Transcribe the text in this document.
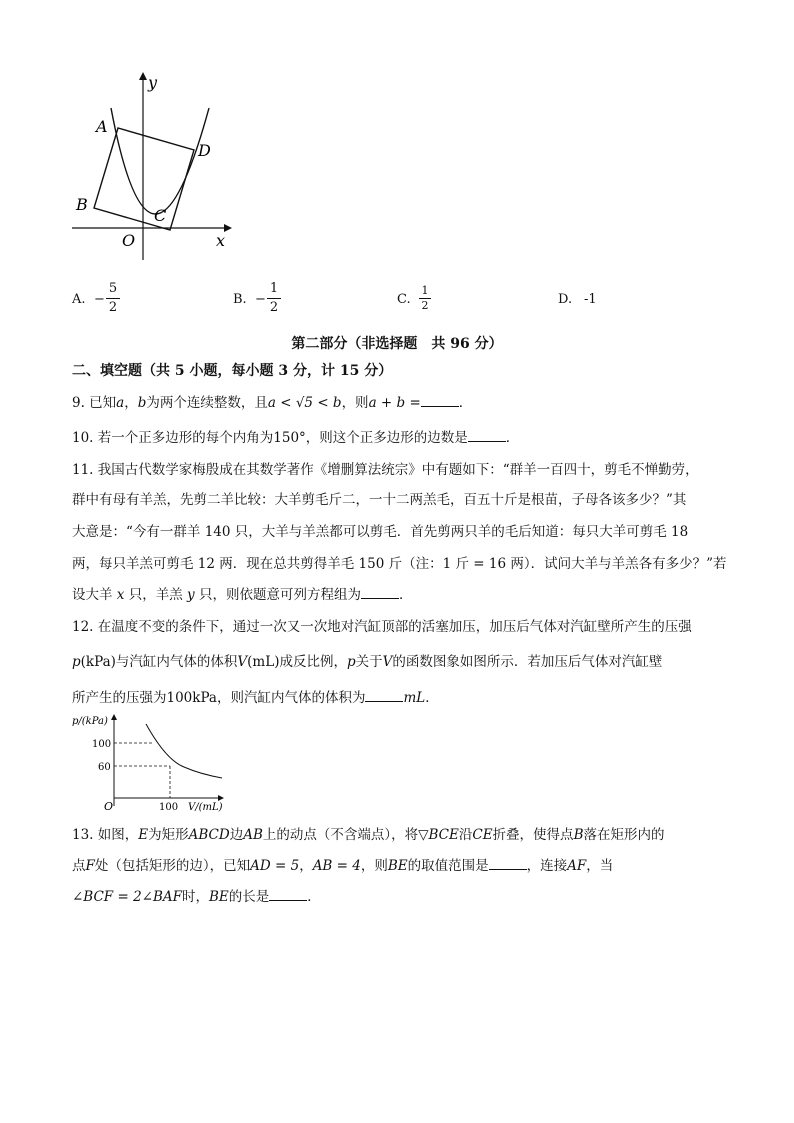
y
x
A
B
C
D
O
A. −
5
2
B. −
1
2
C.
1
2	D. -1
第二部分（非选择题　共 96 分）
二、填空题（共 5 小题，每小题 3 分，计 15 分）
9. 已知a，b为两个连续整数，且a < √5 < b，则a + b =	．
10. 若一个正多边形的每个内角为150°，则这个正多边形的边数是	．
11. 我国古代数学家梅殷成在其数学著作《增删算法统宗》中有题如下：“群羊一百四十，剪毛不惮勤劳，
群中有母有羊羔，先剪二羊比较：大羊剪毛斤二，一十二两羔毛，百五十斤是根苗，子母各该多少？”其
大意是：“今有一群羊 140 只，大羊与羊羔都可以剪毛．首先剪两只羊的毛后知道：每只大羊可剪毛 18
两，每只羊羔可剪毛 12 两．现在总共剪得羊毛 150 斤（注：1 斤 = 16 两）．试问大羊与羊羔各有多少？”若
设大羊 x 只，羊羔 y 只，则依题意可列方程组为	．
12. 在温度不变的条件下，通过一次又一次地对汽缸顶部的活塞加压，加压后气体对汽缸壁所产生的压强
p(kPa)与汽缸内气体的体积V(mL)成反比例，p关于V的函数图象如图所示．若加压后气体对汽缸壁
所产生的压强为100kPa，则汽缸内气体的体积为	mL．
p/(kPa)
100
60
O	100 V/(mL)
13. 如图，E为矩形ABCD边AB上的动点（不含端点），将▽BCE沿CE折叠，使得点B落在矩形内的
点F处（包括矩形的边），已知AD = 5，AB = 4，则BE的取值范围是	，连接AF，当
∠BCF = 2∠BAF时，BE的长是	．
